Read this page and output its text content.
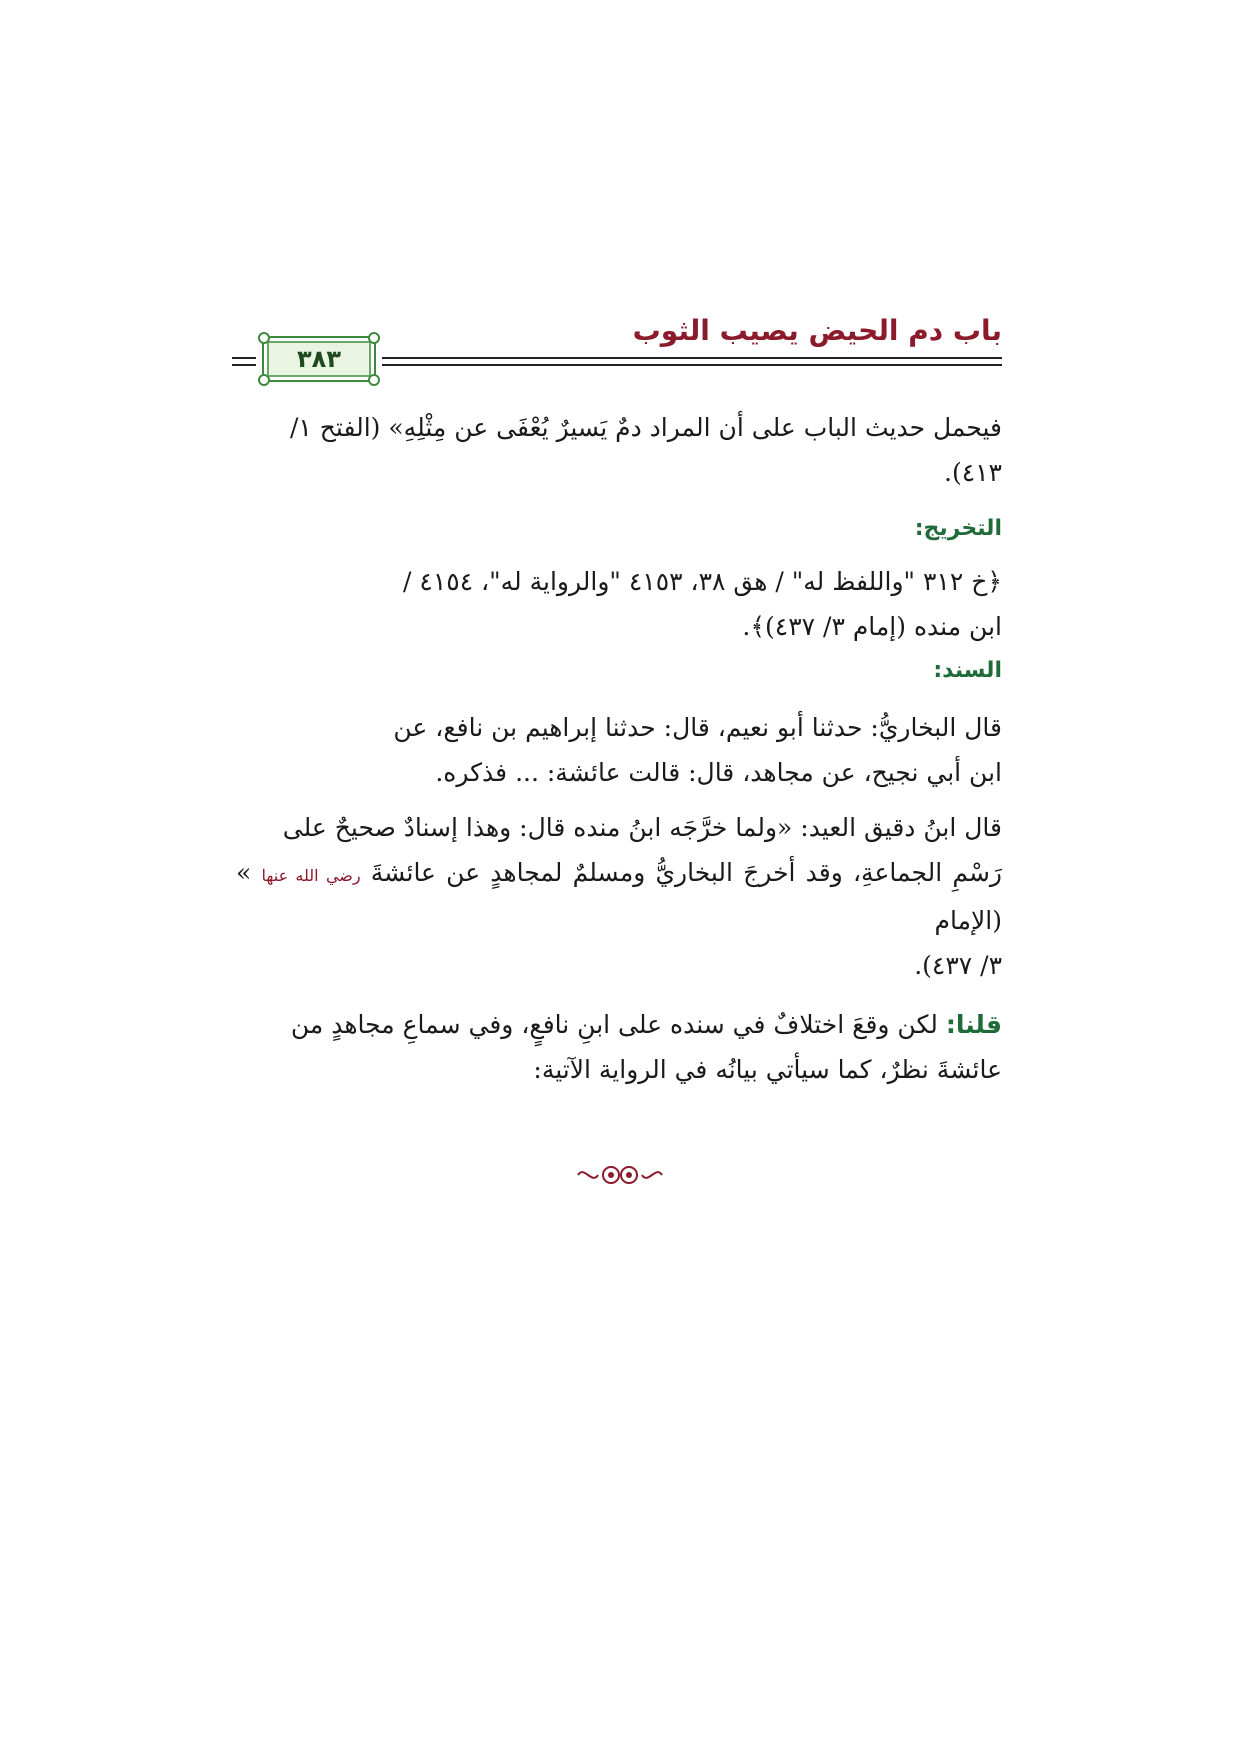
باب دم الحيض يصيب الثوب
٣٨٣

فيحمل حديث الباب على أن المراد دمٌ يَسيرٌ يُعْفَى عن مِثْلِهِ» (الفتح ١/

٤١٣).

التخريج:

﴿خ ٣١٢ "واللفظ له" / هق ٣٨، ٤١٥٣ "والرواية له"، ٤١٥٤ /

ابن منده (إمام ٣/ ٤٣٧)﴾.

السند:

قال البخاريُّ: حدثنا أبو نعيم، قال: حدثنا إبراهيم بن نافع، عن

ابن أبي نجيح، عن مجاهد، قال: قالت عائشة: ... فذكره.

قال ابنُ دقيق العيد: «ولما خرَّجَه ابنُ منده قال: وهذا إسنادٌ صحيحٌ على

رَسْمِ الجماعةِ، وقد أخرجَ البخاريُّ ومسلمٌ لمجاهدٍ عن عائشةَ رضي الله عنها » (الإمام

٣/ ٤٣٧).

قلنا: لكن وقعَ اختلافٌ في سنده على ابنِ نافعٍ، وفي سماعِ مجاهدٍ من

عائشةَ نظرٌ، كما سيأتي بيانُه في الرواية الآتية:
